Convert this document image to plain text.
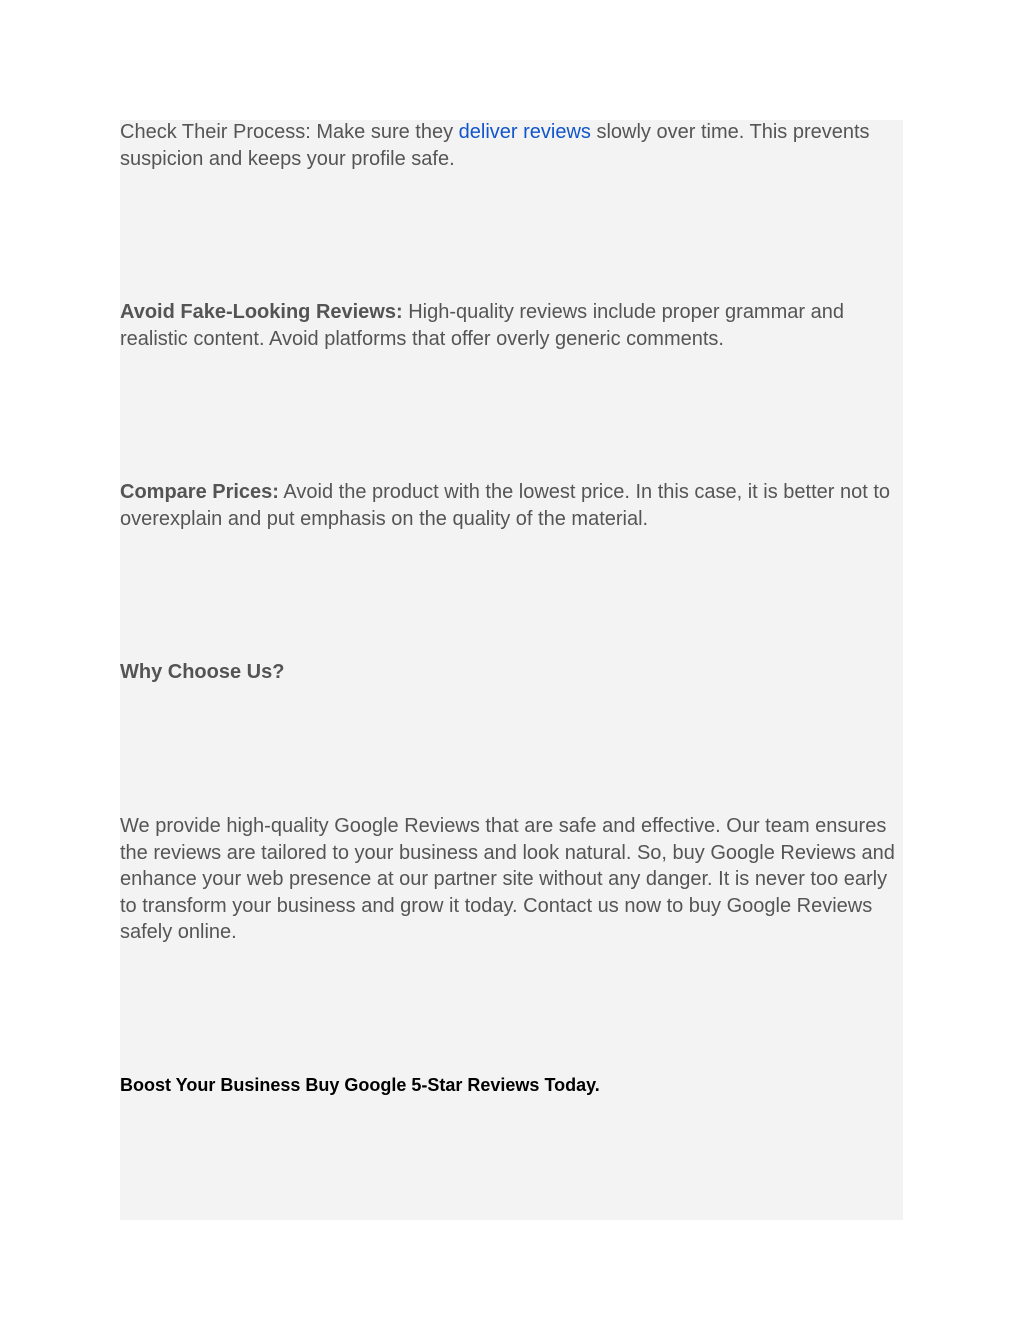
Check Their Process: Make sure they deliver reviews slowly over time. This prevents suspicion and keeps your profile safe.

Avoid Fake-Looking Reviews: High-quality reviews include proper grammar and realistic content. Avoid platforms that offer overly generic comments.

Compare Prices: Avoid the product with the lowest price. In this case, it is better not to overexplain and put emphasis on the quality of the material.

Why Choose Us?

We provide high-quality Google Reviews that are safe and effective. Our team ensures the reviews are tailored to your business and look natural. So, buy Google Reviews and enhance your web presence at our partner site without any danger. It is never too early to transform your business and grow it today. Contact us now to buy Google Reviews safely online.

Boost Your Business Buy Google 5-Star Reviews Today.
